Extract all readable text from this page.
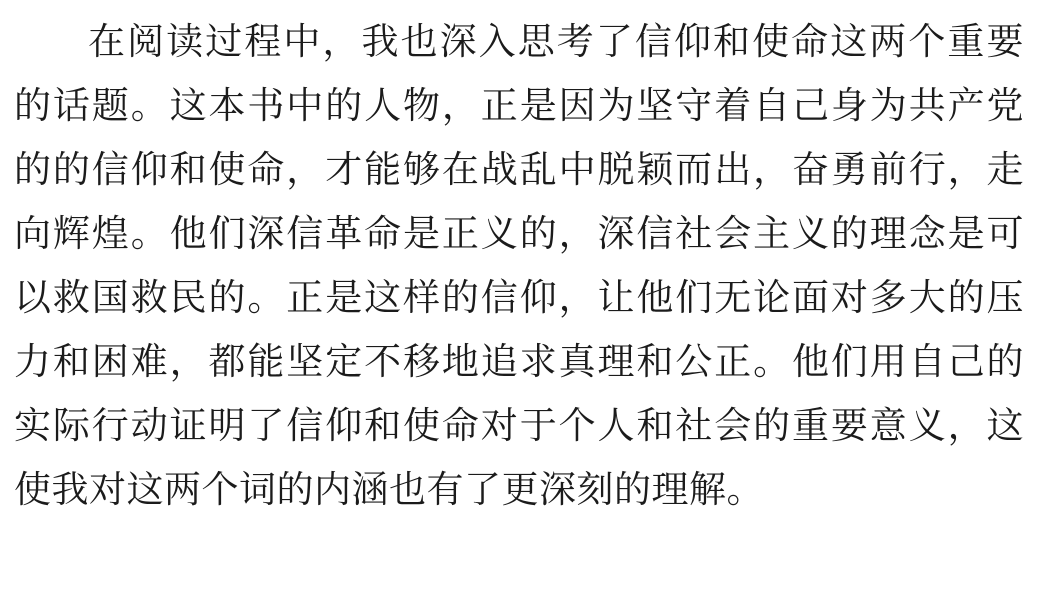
在阅读过程中，我也深入思考了信仰和使命这两个重要的话题。这本书中的人物，正是因为坚守着自己身为共产党的的信仰和使命，才能够在战乱中脱颖而出，奋勇前行，走向辉煌。他们深信革命是正义的，深信社会主义的理念是可以救国救民的。正是这样的信仰，让他们无论面对多大的压力和困难，都能坚定不移地追求真理和公正。他们用自己的实际行动证明了信仰和使命对于个人和社会的重要意义，这使我对这两个词的内涵也有了更深刻的理解。
